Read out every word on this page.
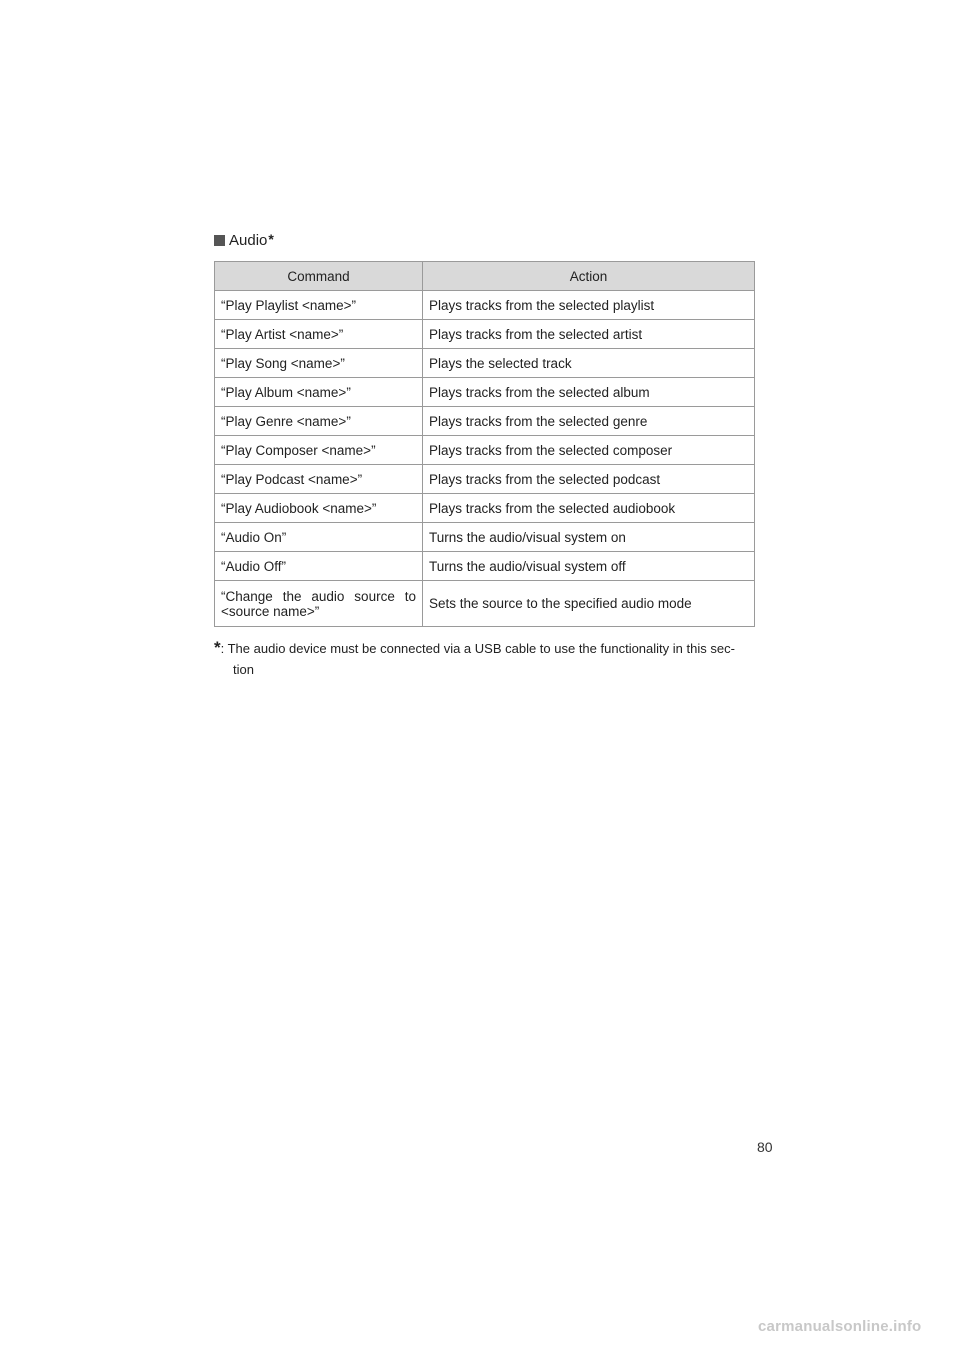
Audio*
Command	Action
“Play Playlist <name>”	Plays tracks from the selected playlist
“Play Artist <name>”	Plays tracks from the selected artist
“Play Song <name>”	Plays the selected track
“Play Album <name>”	Plays tracks from the selected album
“Play Genre <name>”	Plays tracks from the selected genre
“Play Composer <name>”	Plays tracks from the selected composer
“Play Podcast <name>”	Plays tracks from the selected podcast
“Play Audiobook <name>”	Plays tracks from the selected audiobook
“Audio On”	Turns the audio/visual system on
“Audio Off”	Turns the audio/visual system off
“Change the audio source to <source name>”	Sets the source to the specified audio mode
*: The audio device must be connected via a USB cable to use the functionality in this sec-
tion
80
carmanualsonline.info
